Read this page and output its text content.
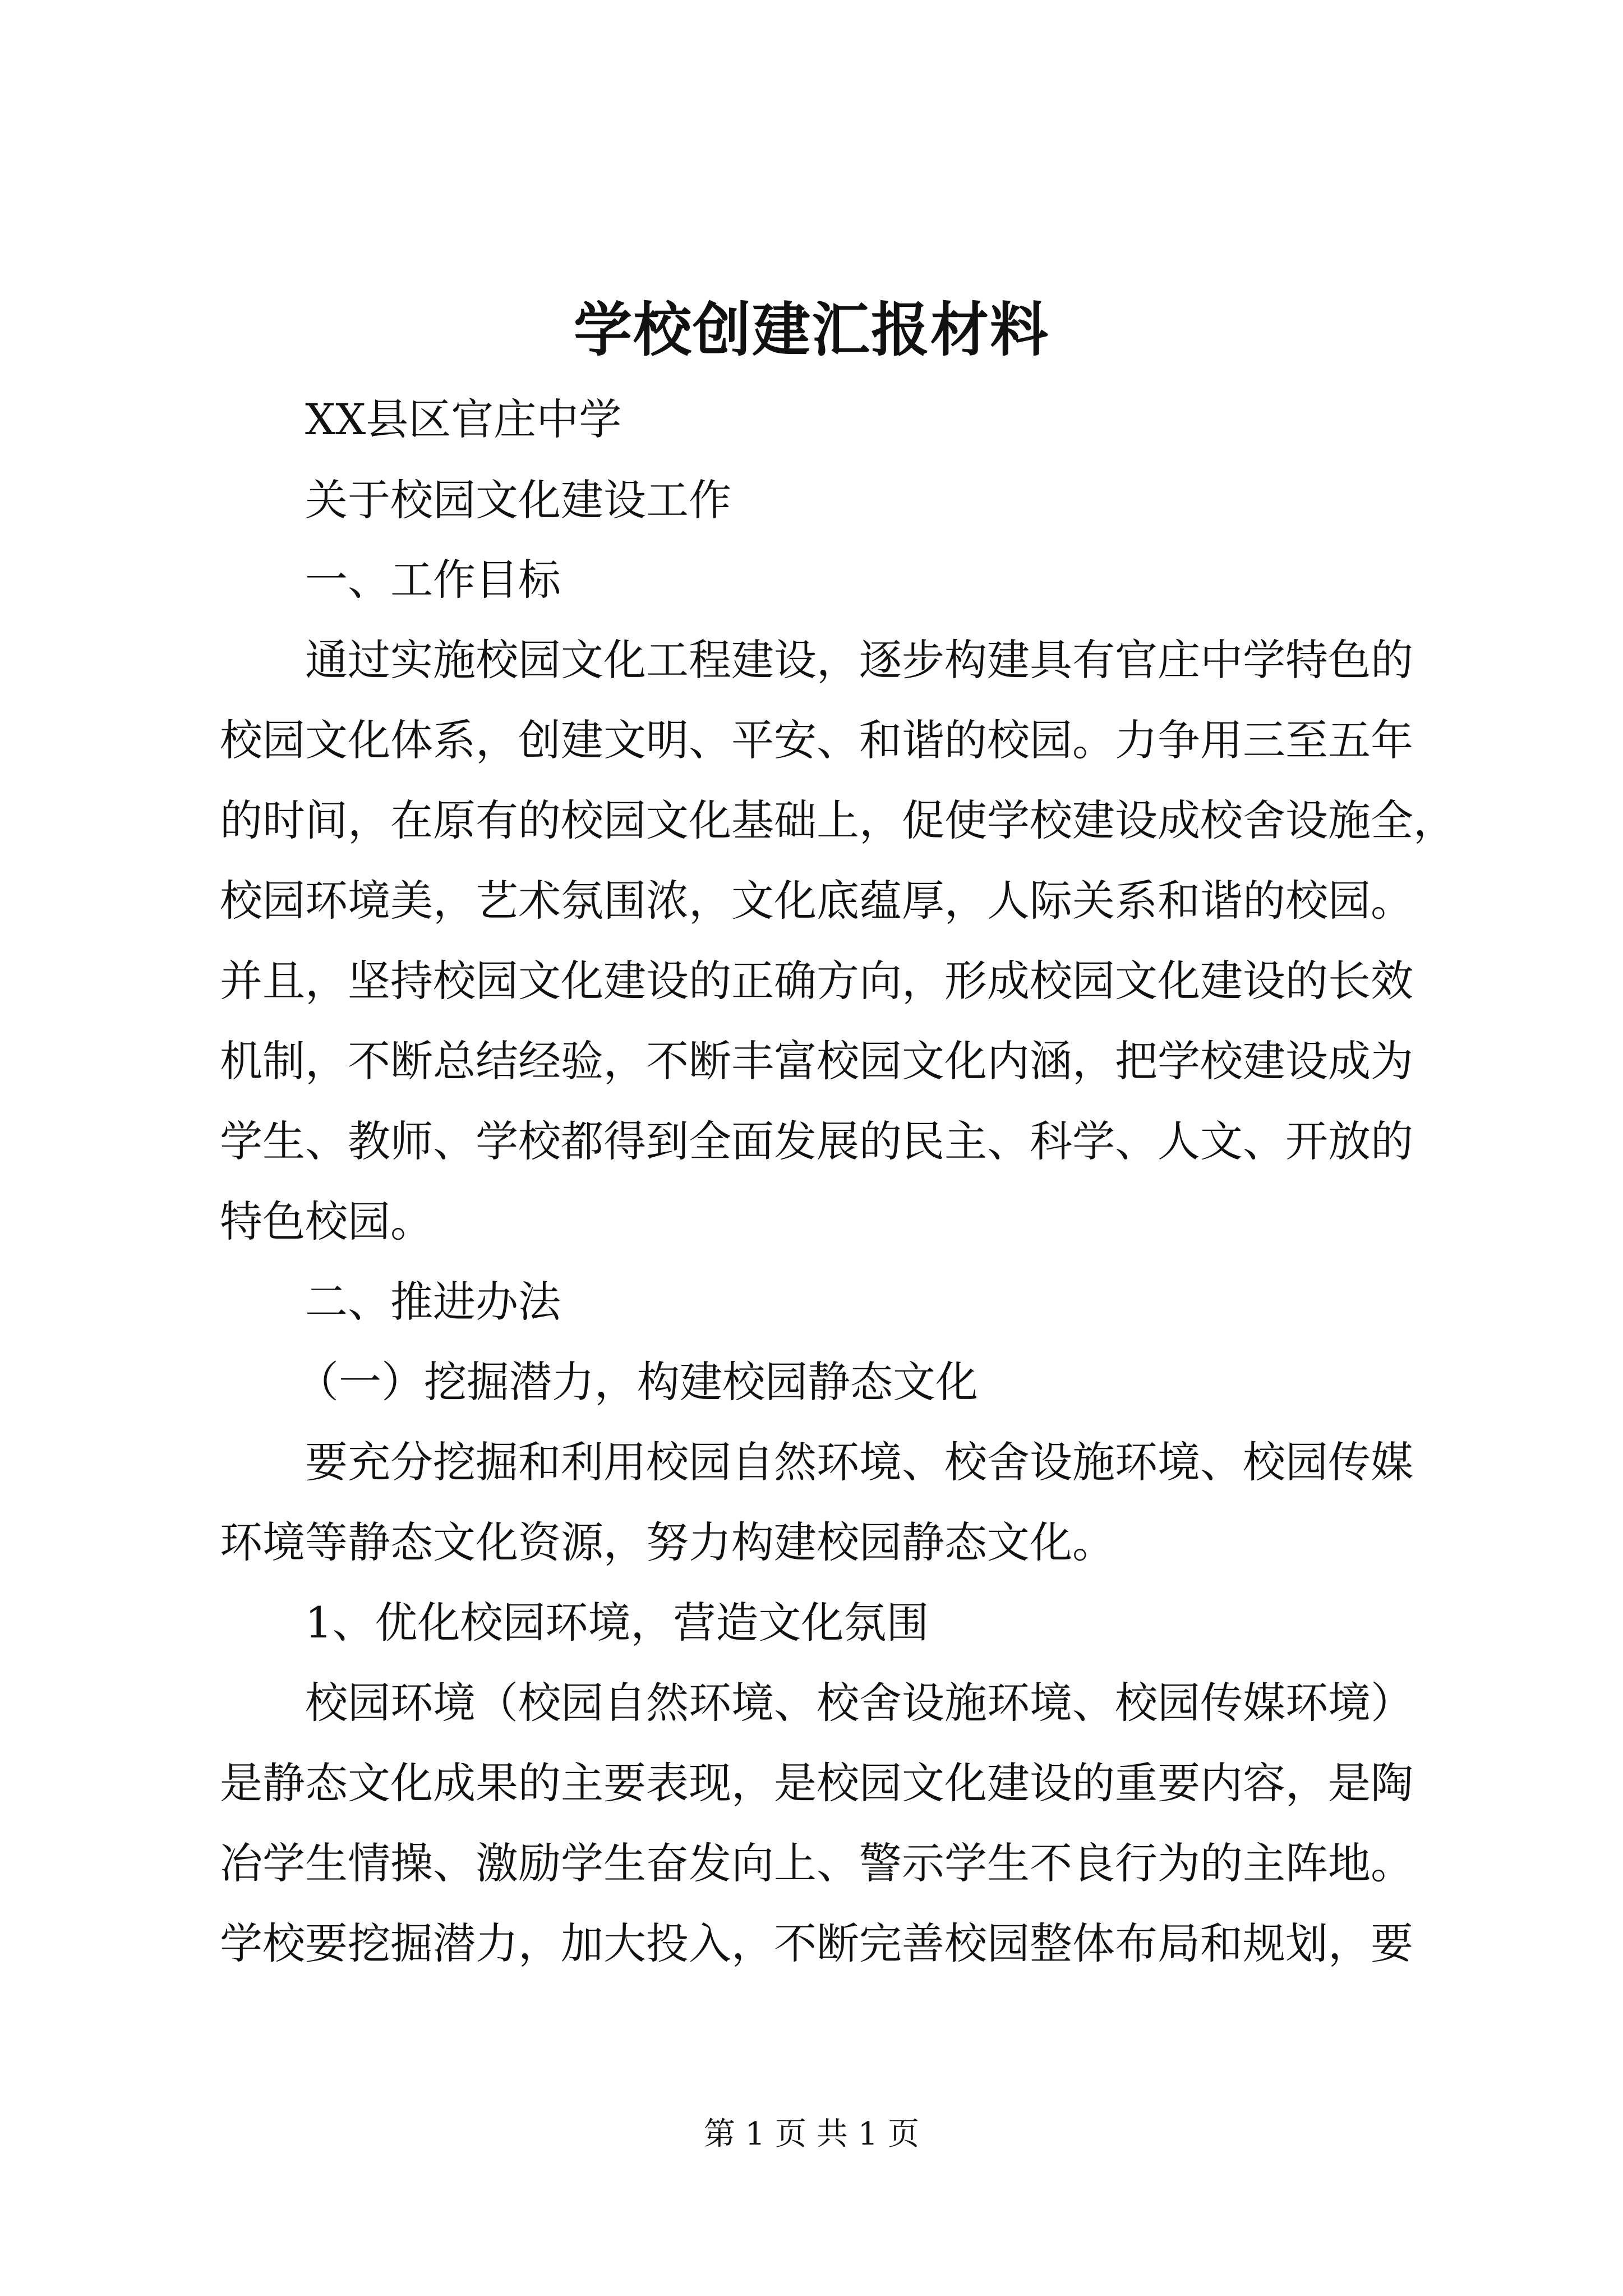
学校创建汇报材料
XX县区官庄中学
关于校园文化建设工作
一、工作目标
通过实施校园文化工程建设，逐步构建具有官庄中学特色的
校园文化体系，创建文明、平安、和谐的校园。力争用三至五年
的时间，在原有的校园文化基础上，促使学校建设成校舍设施全，
校园环境美，艺术氛围浓，文化底蕴厚，人际关系和谐的校园。
并且，坚持校园文化建设的正确方向，形成校园文化建设的长效
机制，不断总结经验，不断丰富校园文化内涵，把学校建设成为
学生、教师、学校都得到全面发展的民主、科学、人文、开放的
特色校园。
二、推进办法
（一）挖掘潜力，构建校园静态文化
要充分挖掘和利用校园自然环境、校舍设施环境、校园传媒
环境等静态文化资源，努力构建校园静态文化。
1、优化校园环境，营造文化氛围
校园环境（校园自然环境、校舍设施环境、校园传媒环境）
是静态文化成果的主要表现，是校园文化建设的重要内容，是陶
冶学生情操、激励学生奋发向上、警示学生不良行为的主阵地。
学校要挖掘潜力，加大投入，不断完善校园整体布局和规划，要
第 1 页 共 1 页
